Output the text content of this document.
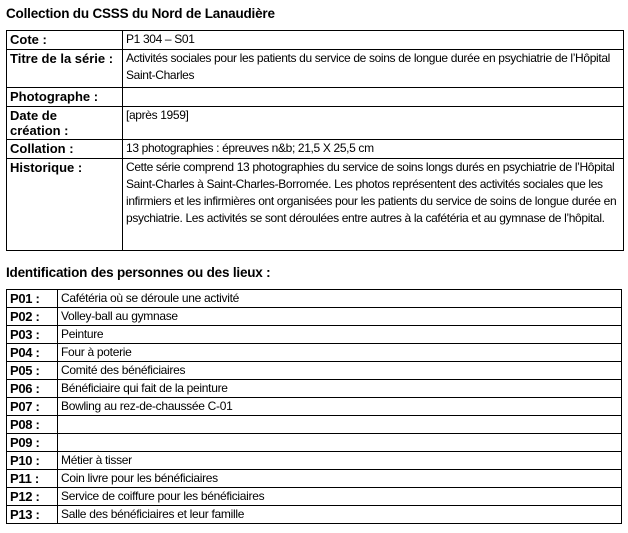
Collection du CSSS du Nord de Lanaudière
Cote :	P1 304 – S01
Titre de la série :	Activités sociales pour les patients du service de soins de longue durée en psychiatrie de l’Hôpital Saint-Charles
Photographe :	
Date de création :	[après 1959]
Collation :	13 photographies : épreuves n&b; 21,5 X 25,5 cm
Historique :	Cette série comprend 13 photographies du service de soins longs durés en psychiatrie de l’Hôpital Saint-Charles à Saint-Charles-Borromée. Les photos représentent des activités sociales que les infirmiers et les infirmières ont organisées pour les patients du service de soins de longue durée en psychiatrie. Les activités se sont déroulées entre autres à la cafétéria et au gymnase de l’hôpital.
Identification des personnes ou des lieux :
P01 :	Cafétéria où se déroule une activité
P02 :	Volley-ball au gymnase
P03 :	Peinture
P04 :	Four à poterie
P05 :	Comité des bénéficiaires
P06 :	Bénéficiaire qui fait de la peinture
P07 :	Bowling au rez-de-chaussée C-01
P08 :	
P09 :	
P10 :	Métier à tisser
P11 :	Coin livre pour les bénéficiaires
P12 :	Service de coiffure pour les bénéficiaires
P13 :	Salle des bénéficiaires et leur famille
